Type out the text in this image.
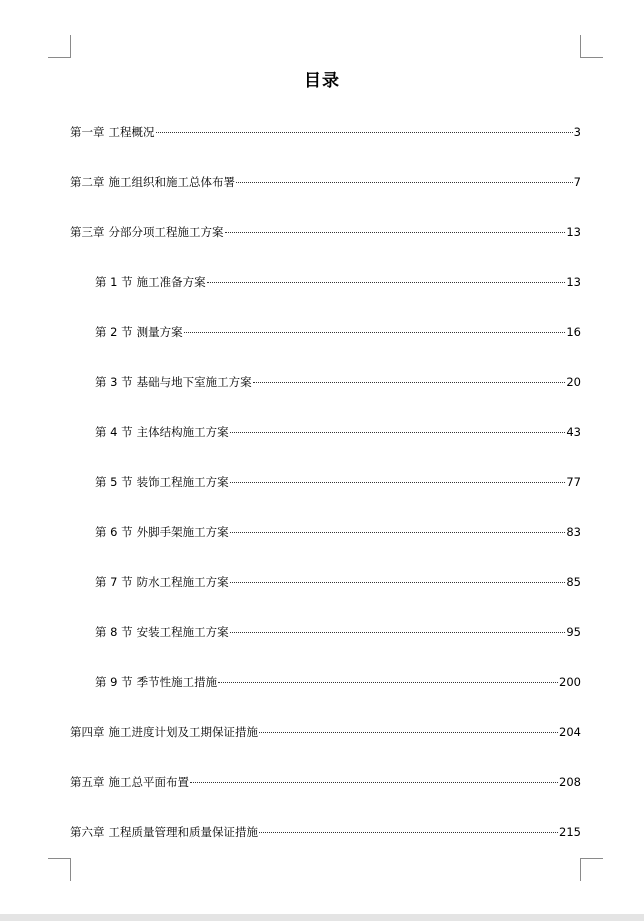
目录
第一章 工程概况	3
第二章 施工组织和施工总体布署	7
第三章 分部分项工程施工方案	13
第 1 节 施工准备方案	13
第 2 节 测量方案	16
第 3 节 基础与地下室施工方案	20
第 4 节 主体结构施工方案	43
第 5 节 装饰工程施工方案	77
第 6 节 外脚手架施工方案	83
第 7 节 防水工程施工方案	85
第 8 节 安装工程施工方案	95
第 9 节 季节性施工措施	200
第四章 施工进度计划及工期保证措施	204
第五章 施工总平面布置	208
第六章 工程质量管理和质量保证措施	215
